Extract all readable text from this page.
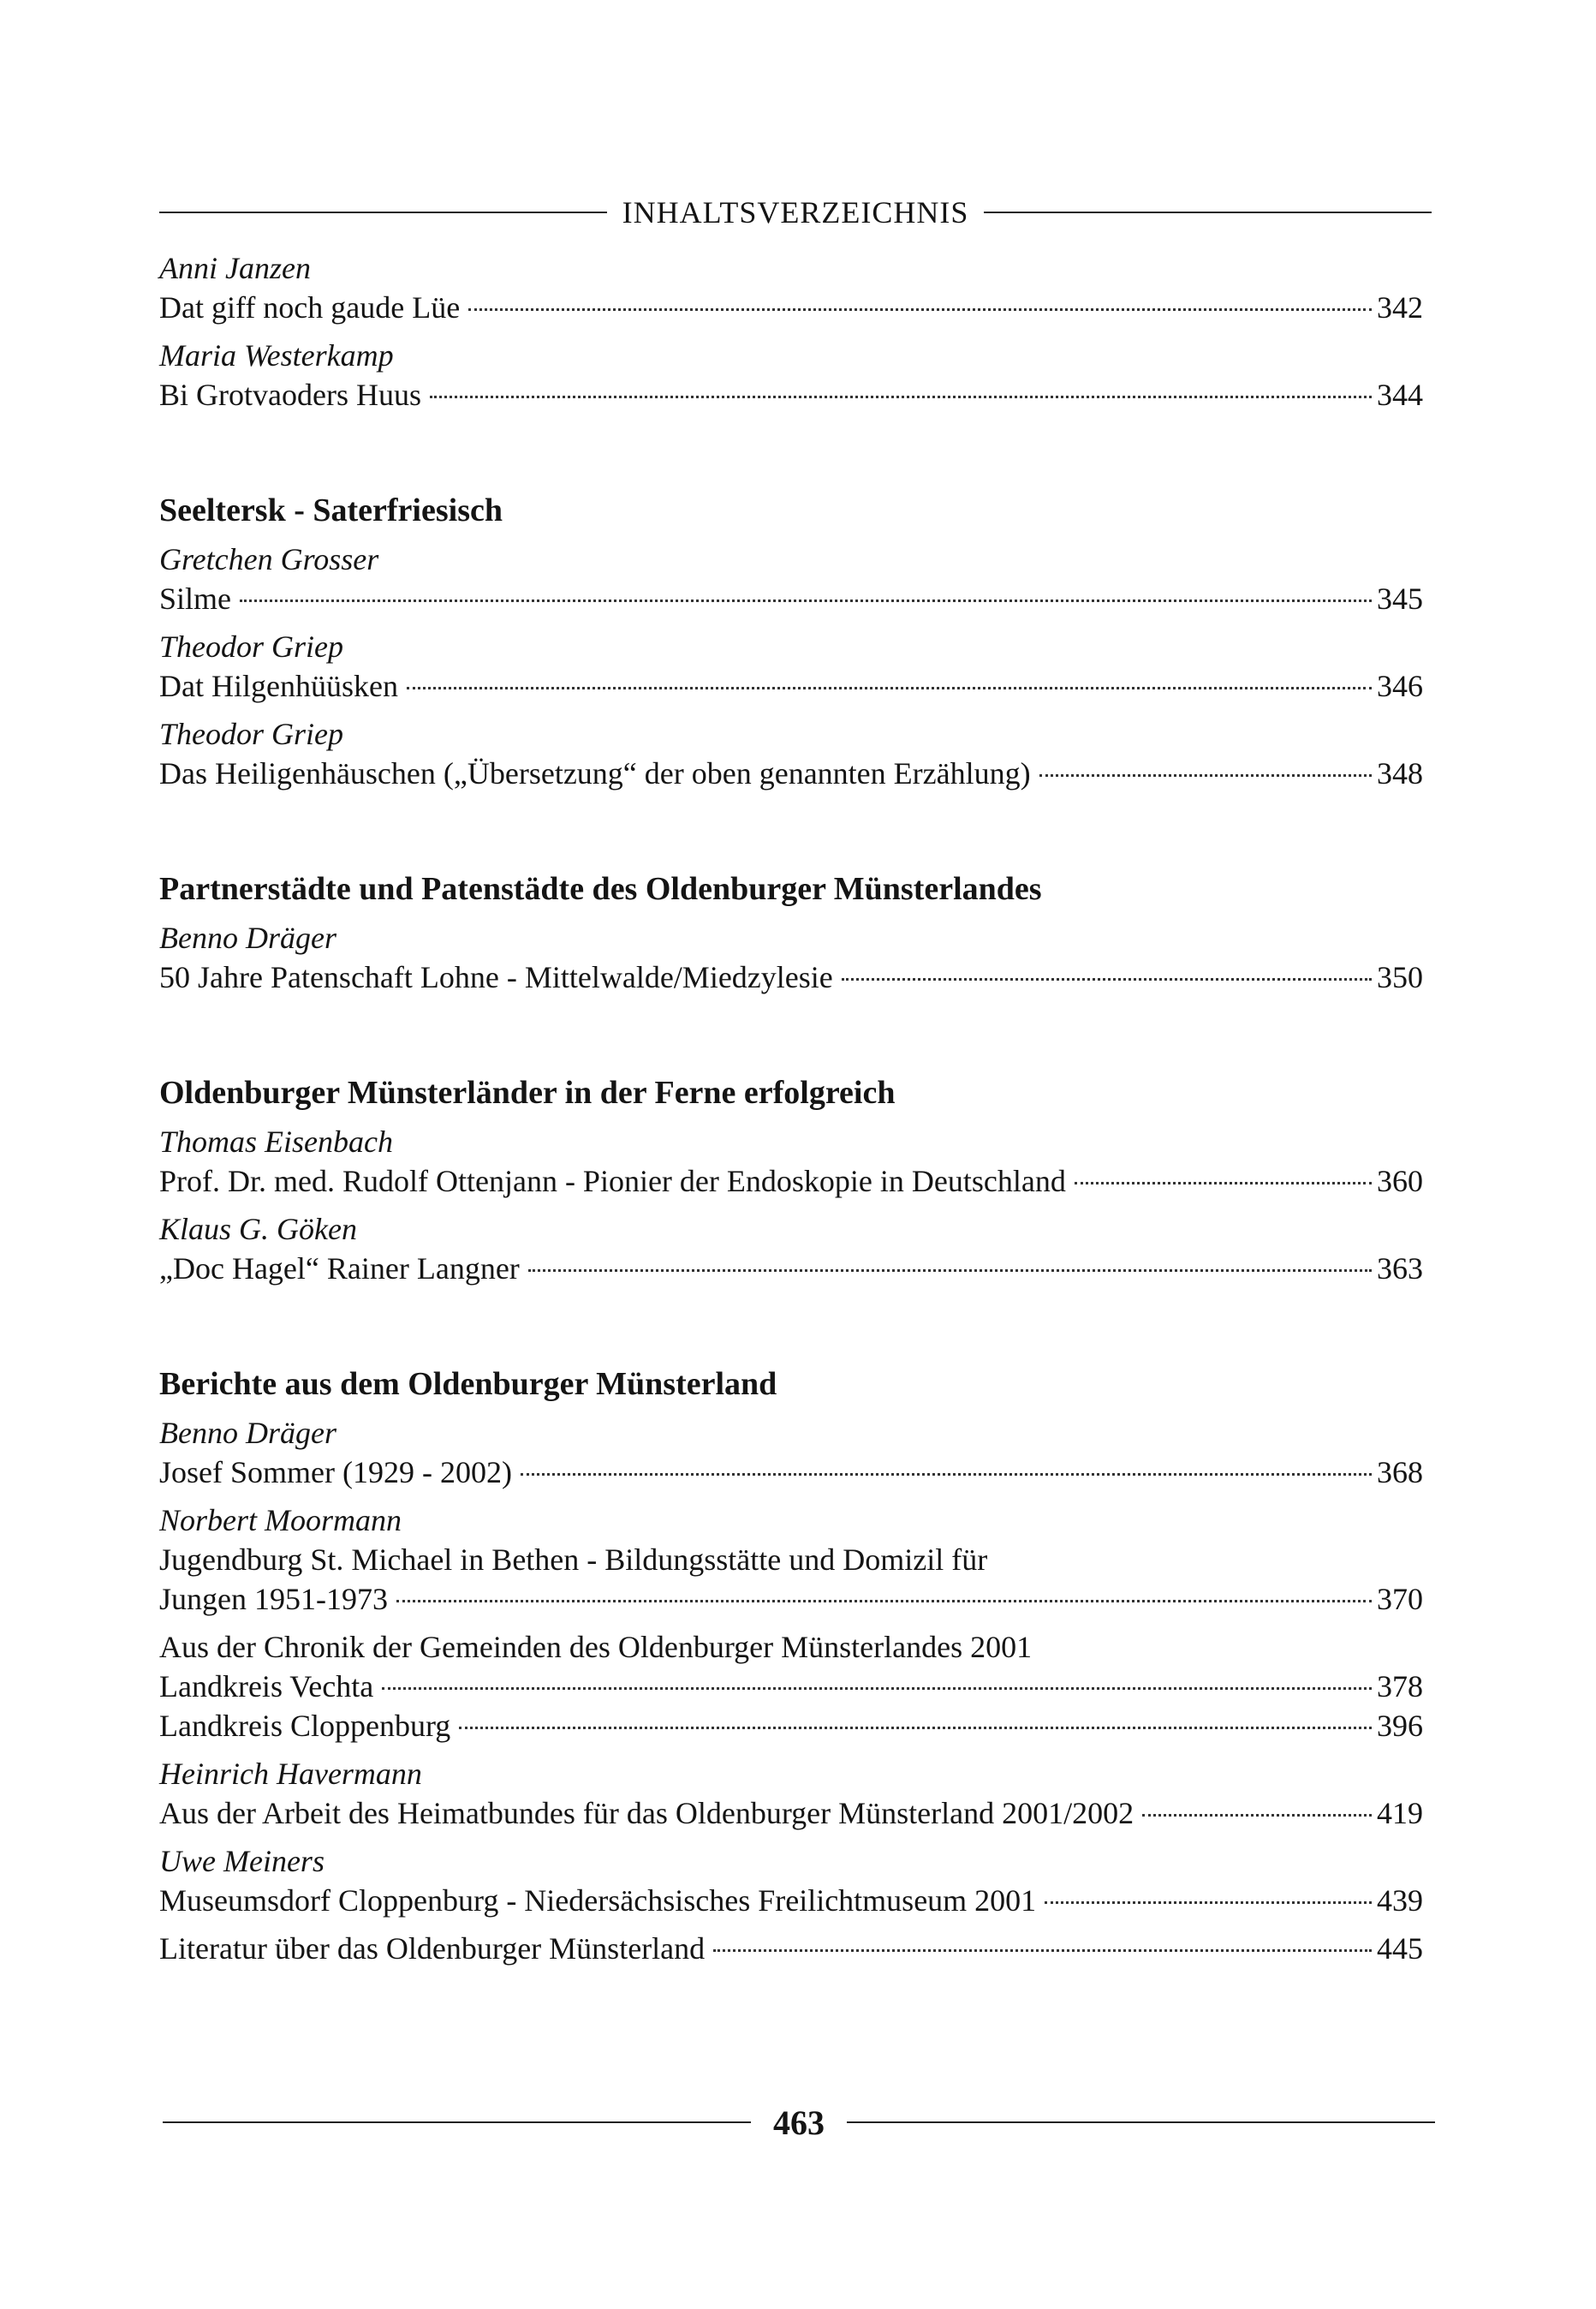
INHALTSVERZEICHNIS
Anni Janzen
Dat giff noch gaude Lüe	342
Maria Westerkamp
Bi Grotvaoders Huus	344
Seeltersk - Saterfriesisch
Gretchen Grosser
Silme	345
Theodor Griep
Dat Hilgenhüüsken	346
Theodor Griep
Das Heiligenhäuschen („Übersetzung“ der oben genannten Erzählung)	348
Partnerstädte und Patenstädte des Oldenburger Münsterlandes
Benno Dräger
50 Jahre Patenschaft Lohne - Mittelwalde/Miedzylesie	350
Oldenburger Münsterländer in der Ferne erfolgreich
Thomas Eisenbach
Prof. Dr. med. Rudolf Ottenjann - Pionier der Endoskopie in Deutschland	360
Klaus G. Göken
„Doc Hagel“ Rainer Langner	363
Berichte aus dem Oldenburger Münsterland
Benno Dräger
Josef Sommer (1929 - 2002)	368
Norbert Moormann
Jugendburg St. Michael in Bethen - Bildungsstätte und Domizil für
Jungen 1951-1973	370
Aus der Chronik der Gemeinden des Oldenburger Münsterlandes 2001
Landkreis Vechta	378
Landkreis Cloppenburg	396
Heinrich Havermann
Aus der Arbeit des Heimatbundes für das Oldenburger Münsterland 2001/2002	419
Uwe Meiners
Museumsdorf Cloppenburg - Niedersächsisches Freilichtmuseum 2001	439
Literatur über das Oldenburger Münsterland	445
463
